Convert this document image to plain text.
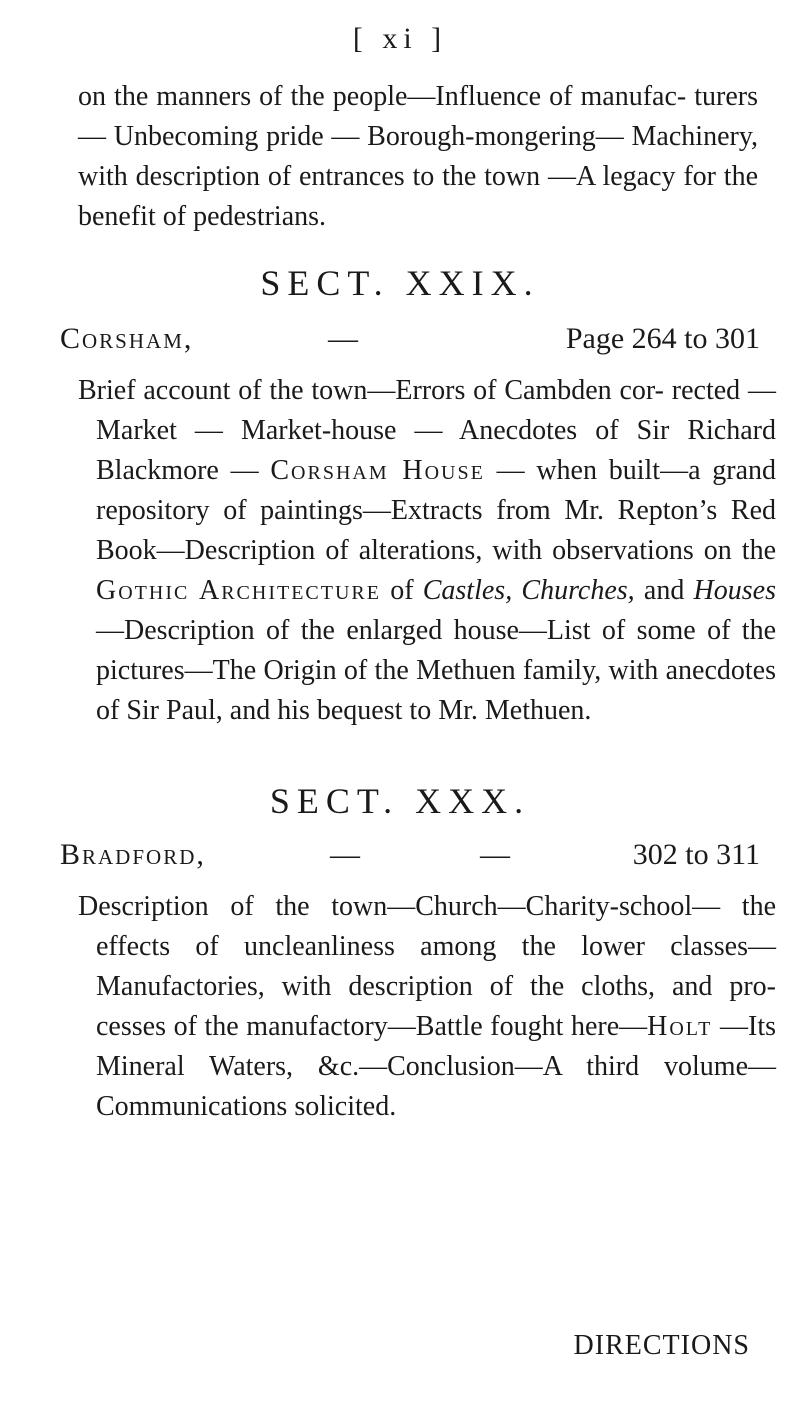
[ xi ]

on the manners of the people—Influence of manufac- turers — Unbecoming pride — Borough-mongering— Machinery, with description of entrances to the town —A legacy for the benefit of pedestrians.

SECT. XXIX.
Corsham,	—	Page 264 to 301

Brief account of the town—Errors of Cambden cor- rected — Market — Market-house — Anecdotes of Sir Richard Blackmore — Corsham House — when built—a grand repository of paintings—Extracts from Mr. Repton’s Red Book—Description of alterations, with observations on the Gothic Architecture of Castles, Churches, and Houses—Description of the enlarged house—List of some of the pictures—The Origin of the Methuen family, with anecdotes of Sir Paul, and his bequest to Mr. Methuen.

SECT. XXX.
Bradford,	—	—	302 to 311

Description of the town—Church—Charity-school— the effects of uncleanliness among the lower classes— Manufactories, with description of the cloths, and pro- cesses of the manufactory—Battle fought here—Holt —Its Mineral Waters, &c.—Conclusion—A third volume—Communications solicited.

DIRECTIONS
